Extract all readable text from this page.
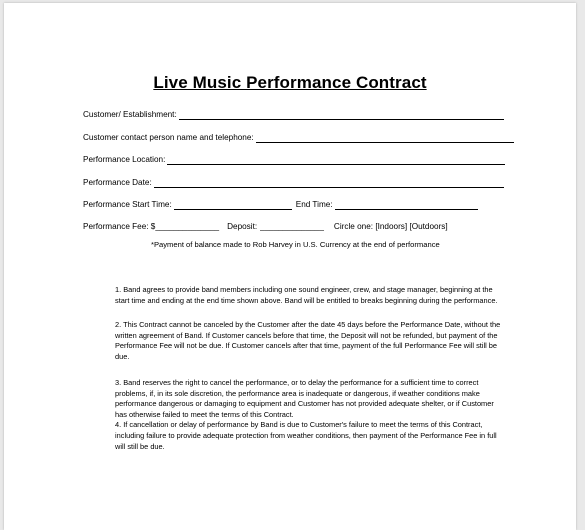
Live Music Performance Contract
Customer/ Establishment:
Customer contact person name and telephone:
Performance Location:
Performance Date:
Performance Start Time:	End Time:
Performance Fee: $ ______________ Deposit: ______________ Circle one: [Indoors] [Outdoors]
*Payment of balance made to Rob Harvey in U.S. Currency at the end of performance

1. Band agrees to provide band members including one sound engineer, crew, and stage manager, beginning at the

start time and ending at the end time shown above. Band will be entitled to breaks beginning during the performance.

2. This Contract cannot be canceled by the Customer after the date 45 days before the Performance Date, without the

written agreement of Band. If Customer cancels before that time, the Deposit will not be refunded, but payment of the

Performance Fee will not be due. If Customer cancels after that time, payment of the full Performance Fee will still be

due.

3. Band reserves the right to cancel the performance, or to delay the performance for a sufficient time to correct

problems, if, in its sole discretion, the performance area is inadequate or dangerous, if weather conditions make

performance dangerous or damaging to equipment and Customer has not provided adequate shelter, or if Customer

has otherwise failed to meet the terms of this Contract.

4. If cancellation or delay of performance by Band is due to Customer's failure to meet the terms of this Contract,

including failure to provide adequate protection from weather conditions, then payment of the Performance Fee in full

will still be due.
